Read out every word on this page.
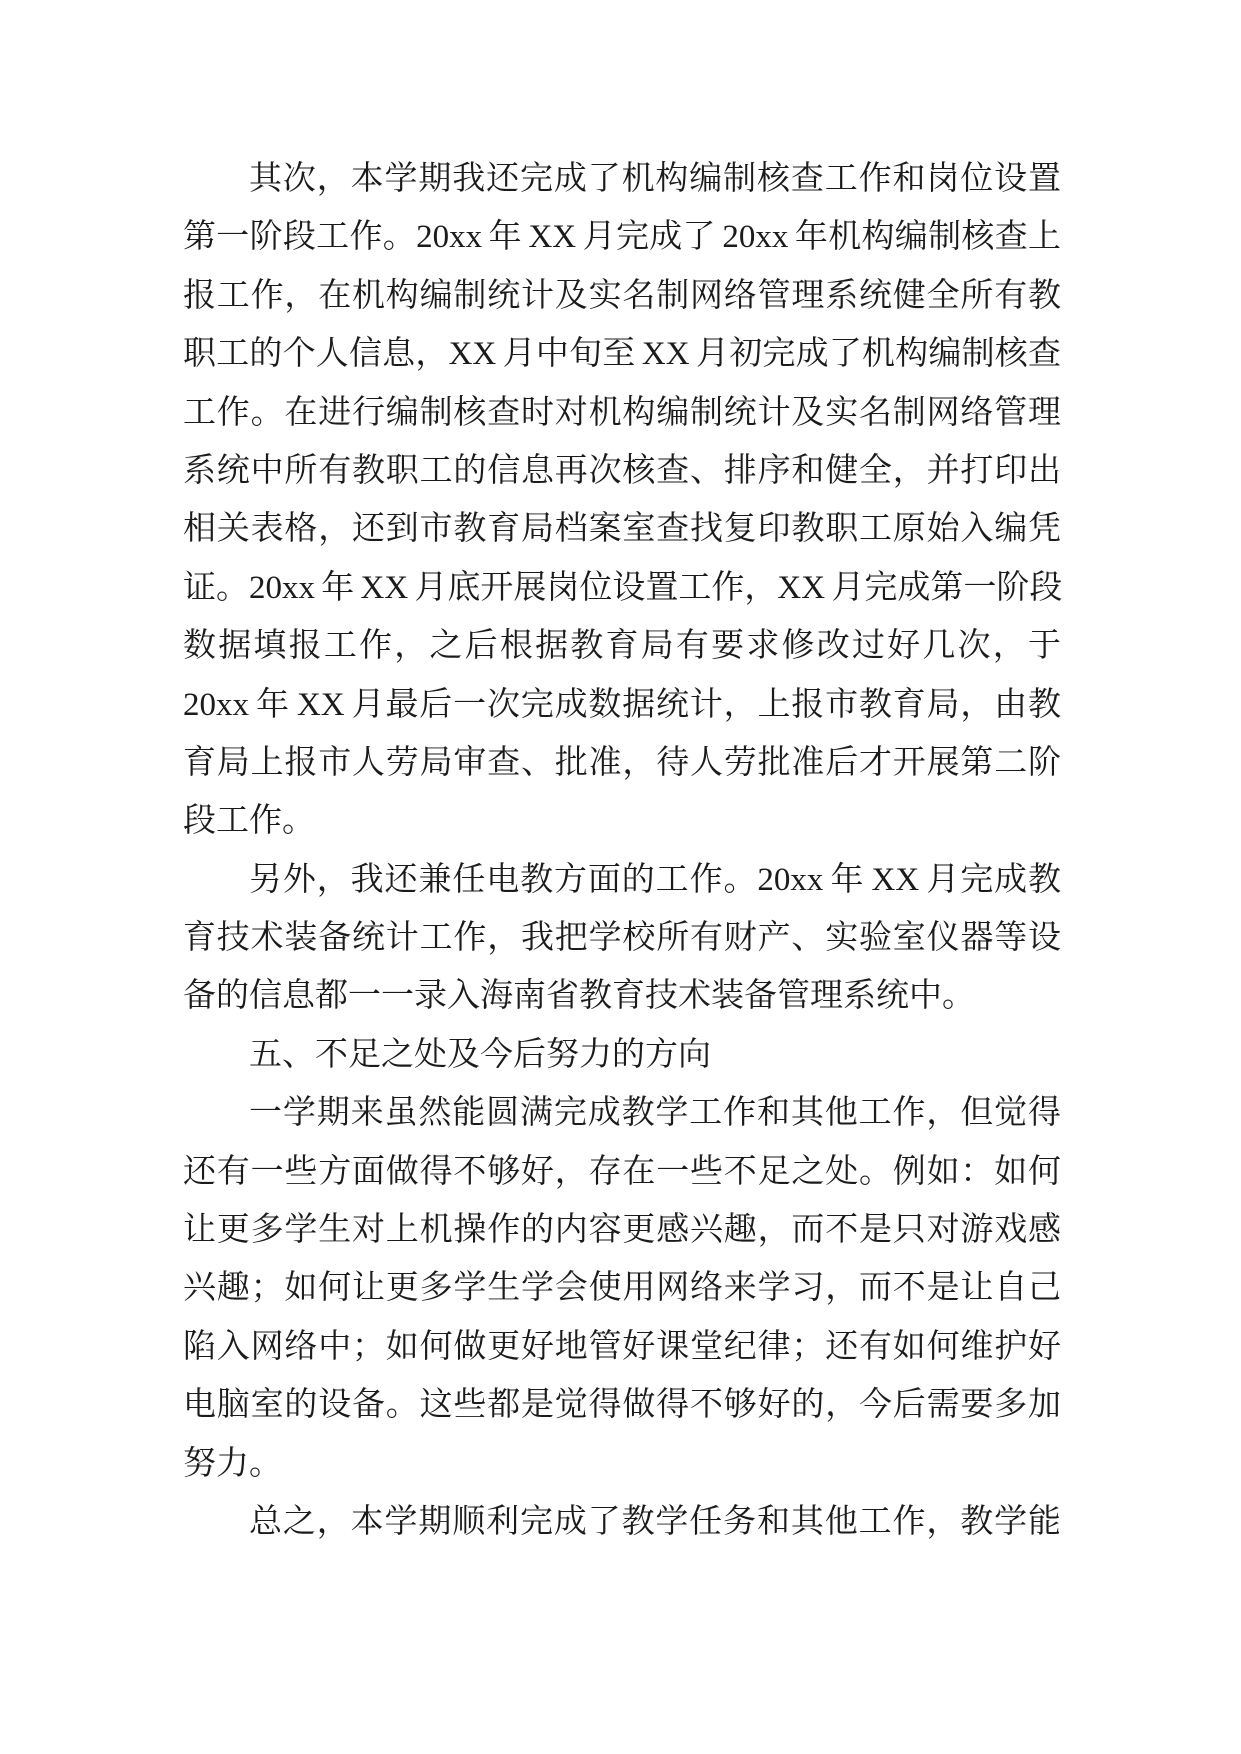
其次，本学期我还完成了机构编制核查工作和岗位设置
第一阶段工作。20xx 年 XX 月完成了 20xx 年机构编制核查上
报工作，在机构编制统计及实名制网络管理系统健全所有教
职工的个人信息，XX 月中旬至 XX 月初完成了机构编制核查
工作。在进行编制核查时对机构编制统计及实名制网络管理
系统中所有教职工的信息再次核查、排序和健全，并打印出
相关表格，还到市教育局档案室查找复印教职工原始入编凭
证。20xx 年 XX 月底开展岗位设置工作，XX 月完成第一阶段
数据填报工作，之后根据教育局有要求修改过好几次，于
20xx 年 XX 月最后一次完成数据统计，上报市教育局，由教
育局上报市人劳局审查、批准，待人劳批准后才开展第二阶
段工作。

另外，我还兼任电教方面的工作。20xx 年 XX 月完成教
育技术装备统计工作，我把学校所有财产、实验室仪器等设
备的信息都一一录入海南省教育技术装备管理系统中。

五、不足之处及今后努力的方向

一学期来虽然能圆满完成教学工作和其他工作，但觉得
还有一些方面做得不够好，存在一些不足之处。例如：如何
让更多学生对上机操作的内容更感兴趣，而不是只对游戏感
兴趣；如何让更多学生学会使用网络来学习，而不是让自己
陷入网络中；如何做更好地管好课堂纪律；还有如何维护好
电脑室的设备。这些都是觉得做得不够好的，今后需要多加
努力。

总之，本学期顺利完成了教学任务和其他工作，教学能
